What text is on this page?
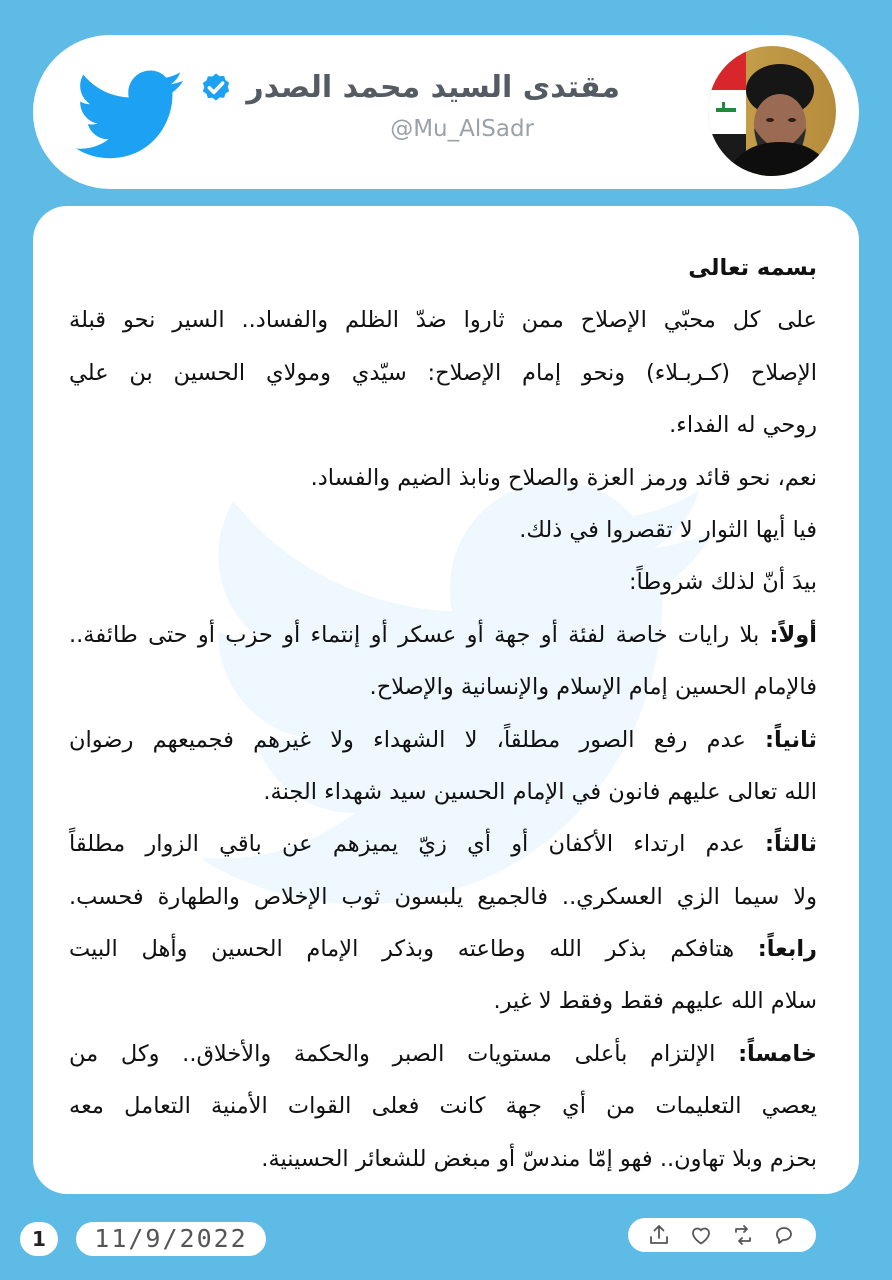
مقتدى السيد محمد الصدر
@Mu_AlSadr
بسمه تعالى
على كل محبّي الإصلاح ممن ثاروا ضدّ الظلم والفساد.. السير نحو قبلة
الإصلاح (كـربـلاء) ونحو إمام الإصلاح: سيّدي ومولاي الحسين بن علي
روحي له الفداء.
نعم، نحو قائد ورمز العزة والصلاح ونابذ الضيم والفساد.
فيا أيها الثوار لا تقصروا في ذلك.
بيدَ أنّ لذلك شروطاً:
أولاً: بلا رايات خاصة لفئة أو جهة أو عسكر أو إنتماء أو حزب أو حتى طائفة..
فالإمام الحسين إمام الإسلام والإنسانية والإصلاح.
ثانياً: عدم رفع الصور مطلقاً، لا الشهداء ولا غيرهم فجميعهم رضوان
الله تعالى عليهم فانون في الإمام الحسين سيد شهداء الجنة.
ثالثاً: عدم ارتداء الأكفان أو أي زيّ يميزهم عن باقي الزوار مطلقاً
ولا سيما الزي العسكري.. فالجميع يلبسون ثوب الإخلاص والطهارة فحسب.
رابعاً: هتافكم بذكر الله وطاعته وبذكر الإمام الحسين وأهل البيت
سلام الله عليهم فقط وفقط لا غير.
خامساً: الإلتزام بأعلى مستويات الصبر والحكمة والأخلاق.. وكل من
يعصي التعليمات من أي جهة كانت فعلى القوات الأمنية التعامل معه
بحزم وبلا تهاون.. فهو إمّا مندسّ أو مبغض للشعائر الحسينية.
1	11/9/2022
